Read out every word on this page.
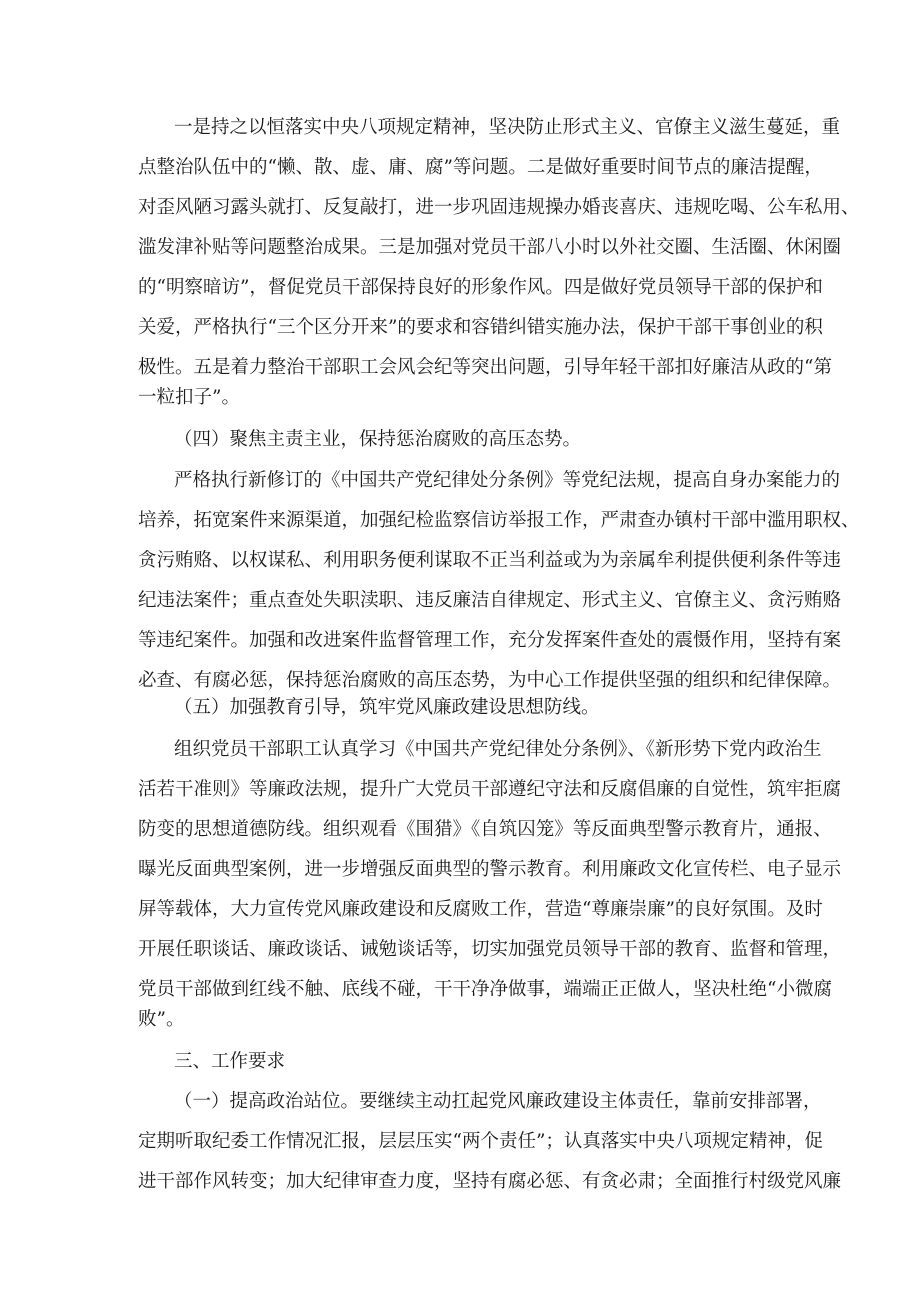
一是持之以恒落实中央八项规定精神，坚决防止形式主义、官僚主义滋生蔓延，重
点整治队伍中的“懒、散、虚、庸、腐”等问题。二是做好重要时间节点的廉洁提醒，
对歪风陋习露头就打、反复敲打，进一步巩固违规操办婚丧喜庆、违规吃喝、公车私用、
滥发津补贴等问题整治成果。三是加强对党员干部八小时以外社交圈、生活圈、休闲圈
的“明察暗访”，督促党员干部保持良好的形象作风。四是做好党员领导干部的保护和
关爱，严格执行“三个区分开来”的要求和容错纠错实施办法，保护干部干事创业的积
极性。五是着力整治干部职工会风会纪等突出问题，引导年轻干部扣好廉洁从政的“第
一粒扣子”。
（四）聚焦主责主业，保持惩治腐败的高压态势。
严格执行新修订的《中国共产党纪律处分条例》等党纪法规，提高自身办案能力的
培养，拓宽案件来源渠道，加强纪检监察信访举报工作，严肃查办镇村干部中滥用职权、
贪污贿赂、以权谋私、利用职务便利谋取不正当利益或为为亲属牟利提供便利条件等违
纪违法案件；重点查处失职渎职、违反廉洁自律规定、形式主义、官僚主义、贪污贿赂
等违纪案件。加强和改进案件监督管理工作，充分发挥案件查处的震慑作用，坚持有案
必查、有腐必惩，保持惩治腐败的高压态势，为中心工作提供坚强的组织和纪律保障。
（五）加强教育引导，筑牢党风廉政建设思想防线。
组织党员干部职工认真学习《中国共产党纪律处分条例》、《新形势下党内政治生
活若干准则》等廉政法规，提升广大党员干部遵纪守法和反腐倡廉的自觉性，筑牢拒腐
防变的思想道德防线。组织观看《围猎》《自筑囚笼》等反面典型警示教育片，通报、
曝光反面典型案例，进一步增强反面典型的警示教育。利用廉政文化宣传栏、电子显示
屏等载体，大力宣传党风廉政建设和反腐败工作，营造“尊廉崇廉”的良好氛围。及时
开展任职谈话、廉政谈话、诫勉谈话等，切实加强党员领导干部的教育、监督和管理，
党员干部做到红线不触、底线不碰，干干净净做事，端端正正做人，坚决杜绝“小微腐
败”。
三、工作要求
（一）提高政治站位。要继续主动扛起党风廉政建设主体责任，靠前安排部署，
定期听取纪委工作情况汇报，层层压实“两个责任”；认真落实中央八项规定精神，促
进干部作风转变；加大纪律审查力度，坚持有腐必惩、有贪必肃；全面推行村级党风廉
